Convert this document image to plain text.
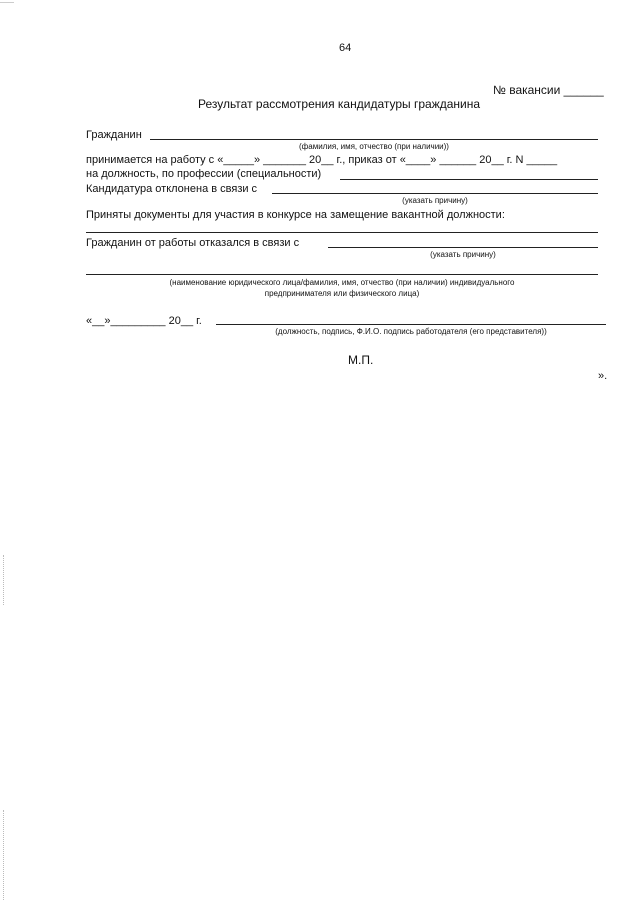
64
№ вакансии ______
Результат рассмотрения кандидатуры гражданина
Гражданин
(фамилия, имя, отчество (при наличии))
принимается на работу с «_____» _______ 20__ г., приказ от «____» ______ 20__ г. N _____
на должность, по профессии (специальности)
Кандидатура отклонена в связи с
(указать причину)
Приняты документы для участия в конкурсе на замещение вакантной должности:
Гражданин от работы отказался в связи с
(указать причину)
(наименование юридического лица/фамилия, имя, отчество (при наличии) индивидуального
предпринимателя или физического лица)
«__»_________ 20__ г.
(должность, подпись, Ф.И.О. подпись работодателя (его представителя))
М.П.
».
